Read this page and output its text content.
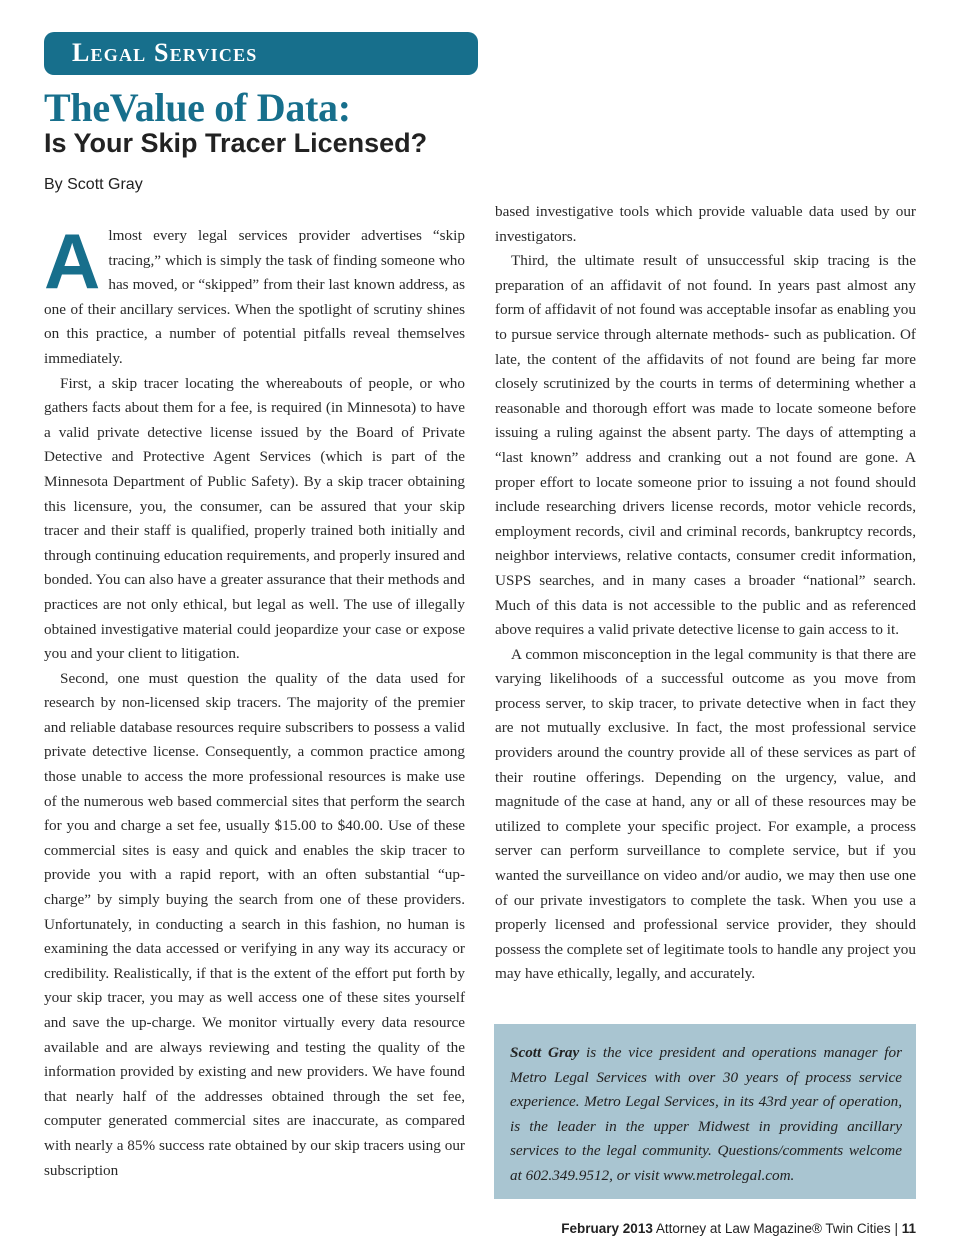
Legal Services
TheValue of Data:
Is Your Skip Tracer Licensed?
By Scott Gray

Almost every legal services provider advertises “skip tracing,” which is simply the task of finding someone who has moved, or “skipped” from their last known address, as one of their ancillary services. When the spotlight of scrutiny shines on this practice, a number of potential pitfalls reveal themselves immediately.

First, a skip tracer locating the whereabouts of people, or who gathers facts about them for a fee, is required (in Minnesota) to have a valid private detective license issued by the Board of Private Detective and Protective Agent Services (which is part of the Minnesota Department of Public Safety). By a skip tracer obtaining this licensure, you, the consumer, can be assured that your skip tracer and their staff is qualified, properly trained both initially and through continuing education requirements, and properly insured and bonded. You can also have a greater assurance that their methods and practices are not only ethical, but legal as well. The use of illegally obtained investigative material could jeopardize your case or expose you and your client to litigation.

Second, one must question the quality of the data used for research by non-licensed skip tracers. The majority of the premier and reliable database resources require subscribers to possess a valid private detective license. Consequently, a common practice among those unable to access the more professional resources is make use of the numerous web based commercial sites that perform the search for you and charge a set fee, usually $15.00 to $40.00. Use of these commercial sites is easy and quick and enables the skip tracer to provide you with a rapid report, with an often substantial “up-charge” by simply buying the search from one of these providers. Unfortunately, in conducting a search in this fashion, no human is examining the data accessed or verifying in any way its accuracy or credibility. Realistically, if that is the extent of the effort put forth by your skip tracer, you may as well access one of these sites yourself and save the up-charge. We monitor virtually every data resource available and are always reviewing and testing the quality of the information provided by existing and new providers. We have found that nearly half of the addresses obtained through the set fee, computer generated commercial sites are inaccurate, as compared with nearly a 85% success rate obtained by our skip tracers using our subscription

based investigative tools which provide valuable data used by our investigators.

Third, the ultimate result of unsuccessful skip tracing is the preparation of an affidavit of not found. In years past almost any form of affidavit of not found was acceptable insofar as enabling you to pursue service through alternate methods- such as publication. Of late, the content of the affidavits of not found are being far more closely scrutinized by the courts in terms of determining whether a reasonable and thorough effort was made to locate someone before issuing a ruling against the absent party. The days of attempting a “last known” address and cranking out a not found are gone. A proper effort to locate someone prior to issuing a not found should include researching drivers license records, motor vehicle records, employment records, civil and criminal records, bankruptcy records, neighbor interviews, relative contacts, consumer credit information, USPS searches, and in many cases a broader “national” search. Much of this data is not accessible to the public and as referenced above requires a valid private detective license to gain access to it.

A common misconception in the legal community is that there are varying likelihoods of a successful outcome as you move from process server, to skip tracer, to private detective when in fact they are not mutually exclusive. In fact, the most professional service providers around the country provide all of these services as part of their routine offerings. Depending on the urgency, value, and magnitude of the case at hand, any or all of these resources may be utilized to complete your specific project. For example, a process server can perform surveillance to complete service, but if you wanted the surveillance on video and/or audio, we may then use one of our private investigators to complete the task. When you use a properly licensed and professional service provider, they should possess the complete set of legitimate tools to handle any project you may have ethically, legally, and accurately.

Scott Gray is the vice president and operations manager for Metro Legal Services with over 30 years of process service experience. Metro Legal Services, in its 43rd year of operation, is the leader in the upper Midwest in providing ancillary services to the legal community. Questions/comments welcome at 602.349.9512, or visit www.metrolegal.com.
February 2013 Attorney at Law Magazine® Twin Cities | 11
